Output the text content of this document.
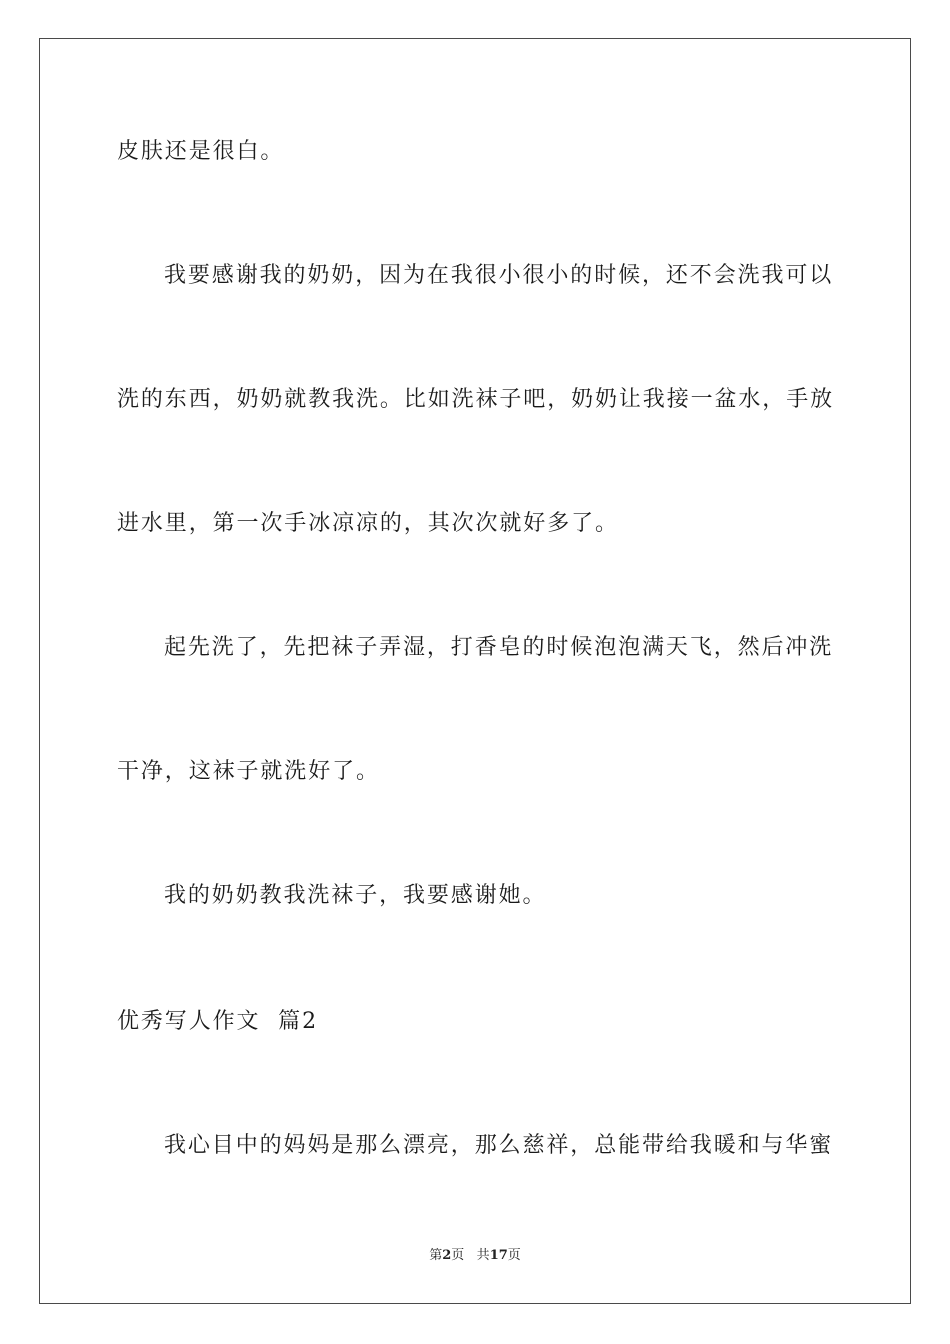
皮肤还是很白。
我要感谢我的奶奶，因为在我很小很小的时候，还不会洗我可以
洗的东西，奶奶就教我洗。比如洗袜子吧，奶奶让我接一盆水，手放
进水里，第一次手冰凉凉的，其次次就好多了。
起先洗了，先把袜子弄湿，打香皂的时候泡泡满天飞，然后冲洗
干净，这袜子就洗好了。
我的奶奶教我洗袜子，我要感谢她。
优秀写人作文  篇2
我心目中的妈妈是那么漂亮，那么慈祥，总能带给我暖和与华蜜
第2页 共17页
